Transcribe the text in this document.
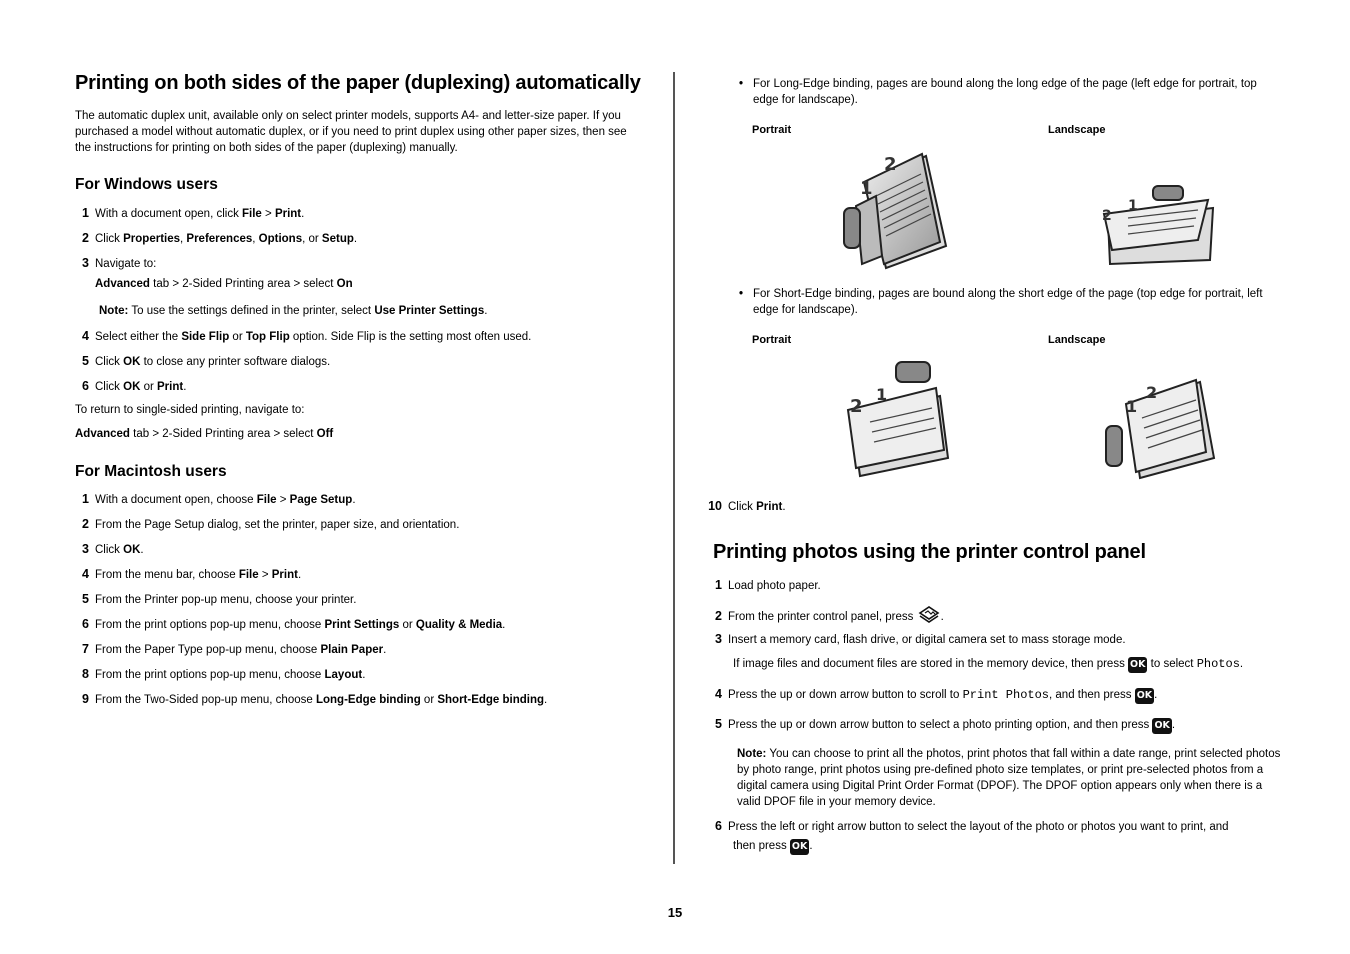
Printing on both sides of the paper (duplexing) automatically
The automatic duplex unit, available only on select printer models, supports A4- and letter-size paper. If you purchased a model without automatic duplex, or if you need to print duplex using other paper sizes, then see the instructions for printing on both sides of the paper (duplexing) manually.
For Windows users
1 With a document open, click File > Print.
2 Click Properties, Preferences, Options, or Setup.
3 Navigate to:
Advanced tab > 2-Sided Printing area > select On
Note: To use the settings defined in the printer, select Use Printer Settings.
4 Select either the Side Flip or Top Flip option. Side Flip is the setting most often used.
5 Click OK to close any printer software dialogs.
6 Click OK or Print.
To return to single-sided printing, navigate to:
Advanced tab > 2-Sided Printing area > select Off
For Macintosh users
1 With a document open, choose File > Page Setup.
2 From the Page Setup dialog, set the printer, paper size, and orientation.
3 Click OK.
4 From the menu bar, choose File > Print.
5 From the Printer pop-up menu, choose your printer.
6 From the print options pop-up menu, choose Print Settings or Quality & Media.
7 From the Paper Type pop-up menu, choose Plain Paper.
8 From the print options pop-up menu, choose Layout.
9 From the Two-Sided pop-up menu, choose Long-Edge binding or Short-Edge binding.
• For Long-Edge binding, pages are bound along the long edge of the page (left edge for portrait, top edge for landscape).
Portrait	Landscape
1
2
2
1
• For Short-Edge binding, pages are bound along the short edge of the page (top edge for portrait, left edge for landscape).
Portrait	Landscape
2
1
1
2
10 Click Print.
Printing photos using the printer control panel
1 Load photo paper.
2 From the printer control panel, press .
3 Insert a memory card, flash drive, or digital camera set to mass storage mode.
If image files and document files are stored in the memory device, then press OK to select Photos.
4 Press the up or down arrow button to scroll to Print Photos, and then press OK .
5 Press the up or down arrow button to select a photo printing option, and then press OK .
Note: You can choose to print all the photos, print photos that fall within a date range, print selected photos by photo range, print photos using pre-defined photo size templates, or print pre-selected photos from a digital camera using Digital Print Order Format (DPOF). The DPOF option appears only when there is a valid DPOF file in your memory device.
6 Press the left or right arrow button to select the layout of the photo or photos you want to print, and
then press OK .
15
